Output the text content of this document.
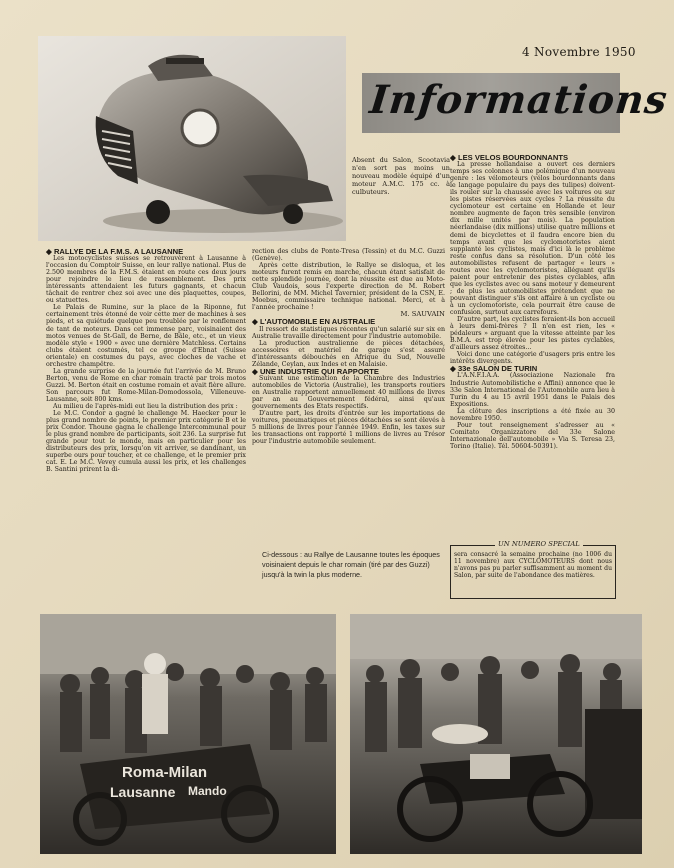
4 Novembre 1950
Informations

Absent du Salon, Scootavia n'en sort pas moins un nouveau modèle équipé d'un moteur A.M.C. 175 cc. à culbuteurs.

◆ RALLYE DE LA F.M.S. A LAUSANNE

Les motocyclistes suisses se retrouvèrent à Lausanne à l'occasion du Comptoir Suisse, en leur rallye national. Plus de 2.500 membres de la F.M.S. étaient en route ces deux jours pour rejoindre le lieu de rassemblement. Des prix intéressants attendaient les futurs gagnants, et chacun tâchait de rentrer chez soi avec une des plaquettes, coupes, ou statuettes.

Le Palais de Rumine, sur la place de la Riponne, fut certainement très étonné de voir cette mer de machines à ses pieds, et sa quiétude quelque peu troublée par le ronflement de tant de moteurs. Dans cet immense parc, voisinaient des motos venues de St-Gall, de Berne, de Bâle, etc., et un vieux modèle style « 1900 » avec une dernière Matchless. Certains clubs étaient costumés, tel ce groupe d'Ebnat (Suisse orientale) en costumes du pays, avec cloches de vache et orchestre champêtre.

La grande surprise de la journée fut l'arrivée de M. Bruno Berton, venu de Rome en char romain tracté par trois motos Guzzi. M. Berton était en costume romain et avait fière allure. Son parcours fut Rome-Milan-Domodossola, Villeneuve-Lausanne, soit 800 kms.

Au milieu de l'après-midi eut lieu la distribution des prix :

Le M.C. Condor a gagné le challenge M. Haecker pour le plus grand nombre de points, le premier prix catégorie B et le prix Condor. Thoune gagna le challenge Intercommunal pour le plus grand nombre de participants, soit 236. La surprise fut grande pour tout le monde, mais en particulier pour les distributeurs des prix, lorsqu'on vit arriver, se dandinant, un superbe ours pour toucher, et ce challenge, et le premier prix cat. E. Le M.C. Vevey cumula aussi les prix, et les challenges B. Santini prirent la di-

rection des clubs de Ponte-Tresa (Tessin) et du M.C. Guzzi (Genève).

Après cette distribution, le Rallye se disloqua, et les moteurs furent remis en marche, chacun étant satisfait de cette splendide journée, dont la réussite est due au Moto-Club Vaudois, sous l'experte direction de M. Robert Bellorini, de MM. Michel Tavernier, président de la CSN, E. Moebus, commissaire technique national. Merci, et à l'année prochaine !

M. SAUVAIN

◆ L'AUTOMOBILE EN AUSTRALIE

Il ressort de statistiques récentes qu'un salarié sur six en Australie travaille directement pour l'industrie automobile.

La production australienne de pièces détachées, accessoires et matériel de garage s'est assuré d'intéressants débouchés en Afrique du Sud, Nouvelle Zélande, Ceylan, aux Indes et en Malaisie.

◆ UNE INDUSTRIE QUI RAPPORTE

Suivant une estimation de la Chambre des Industries automobiles de Victoria (Australie), les transports routiers en Australie rapportent annuellement 40 millions de livres par an au Gouvernement fédéral, ainsi qu'aux gouvernements des Etats respectifs.

D'autre part, les droits d'entrée sur les importations de voitures, pneumatiques et pièces détachées se sont élevés à 5 millions de livres pour l'année 1949. Enfin, les taxes sur les transactions ont rapporté 1 millions de livres au Trésor pour l'industrie automobile seulement.

Ci-dessous : au Rallye de Lausanne toutes les époques voisinaient depuis le char romain (tiré par des Guzzi) jusqu'à la twin la plus moderne.

◆ LES VELOS BOURDONNANTS

La presse hollandaise a ouvert ces derniers temps ses colonnes à une polémique d'un nouveau genre : les vélomoteurs (vélos bourdonnants dans le langage populaire du pays des tulipes) doivent-ils rouler sur la chaussée avec les voitures ou sur les pistes réservées aux cycles ? La réussite du cyclomoteur est certaine en Hollande et leur nombre augmente de façon très sensible (environ dix mille unités par mois). La population néerlandaise (dix millions) utilise quatre millions et demi de bicyclettes et il faudra encore bien du temps avant que les cyclomotoristes aient supplanté les cyclistes, mais d'ici là le problème reste confus dans sa résolution. D'un côté les automobilistes refusent de partager « leurs » routes avec les cyclomotoristes, alléguant qu'ils paient pour entretenir des pistes cyclables, afin que les cyclistes avec ou sans moteur y demeurent ; de plus les automobilistes prétendent que ne pouvant distinguer s'ils ont affaire à un cycliste ou à un cyclomotoriste, cela pourrait être cause de confusion, surtout aux carrefours.

D'autre part, les cyclistes feraient-ils bon accueil à leurs demi-frères ? Il n'en est rien, les « pédaleurs » arguant que la vitesse atteinte par les B.M.A. est trop élevée pour les pistes cyclables, d'ailleurs assez étroites...

Voici donc une catégorie d'usagers pris entre les intérêts divergents.

◆ 33e SALON DE TURIN

L'A.N.F.I.A.A. (Associazione Nazionale fra Industrie Automobilistiche e Affini) annonce que le 33e Salon International de l'Automobile aura lieu à Turin du 4 au 15 avril 1951 dans le Palais des Expositions.

La clôture des inscriptions a été fixée au 30 novembre 1950.

Pour tout renseignement s'adresser au « Comitato Organizzatore del 33e Salone Internazionale dell'automobile » Via S. Teresa 23, Torino (Italie). Tél. 50604-50391).

UN NUMERO SPECIAL
sera consacré la semaine prochaine (no 1006 du 11 novembre) aux CYCLOMOTEURS dont nous n'avons pas pu parler suffisamment au moment du Salon, par suite de l'abondance des matières.
Roma-Milan
Lausanne Mando
